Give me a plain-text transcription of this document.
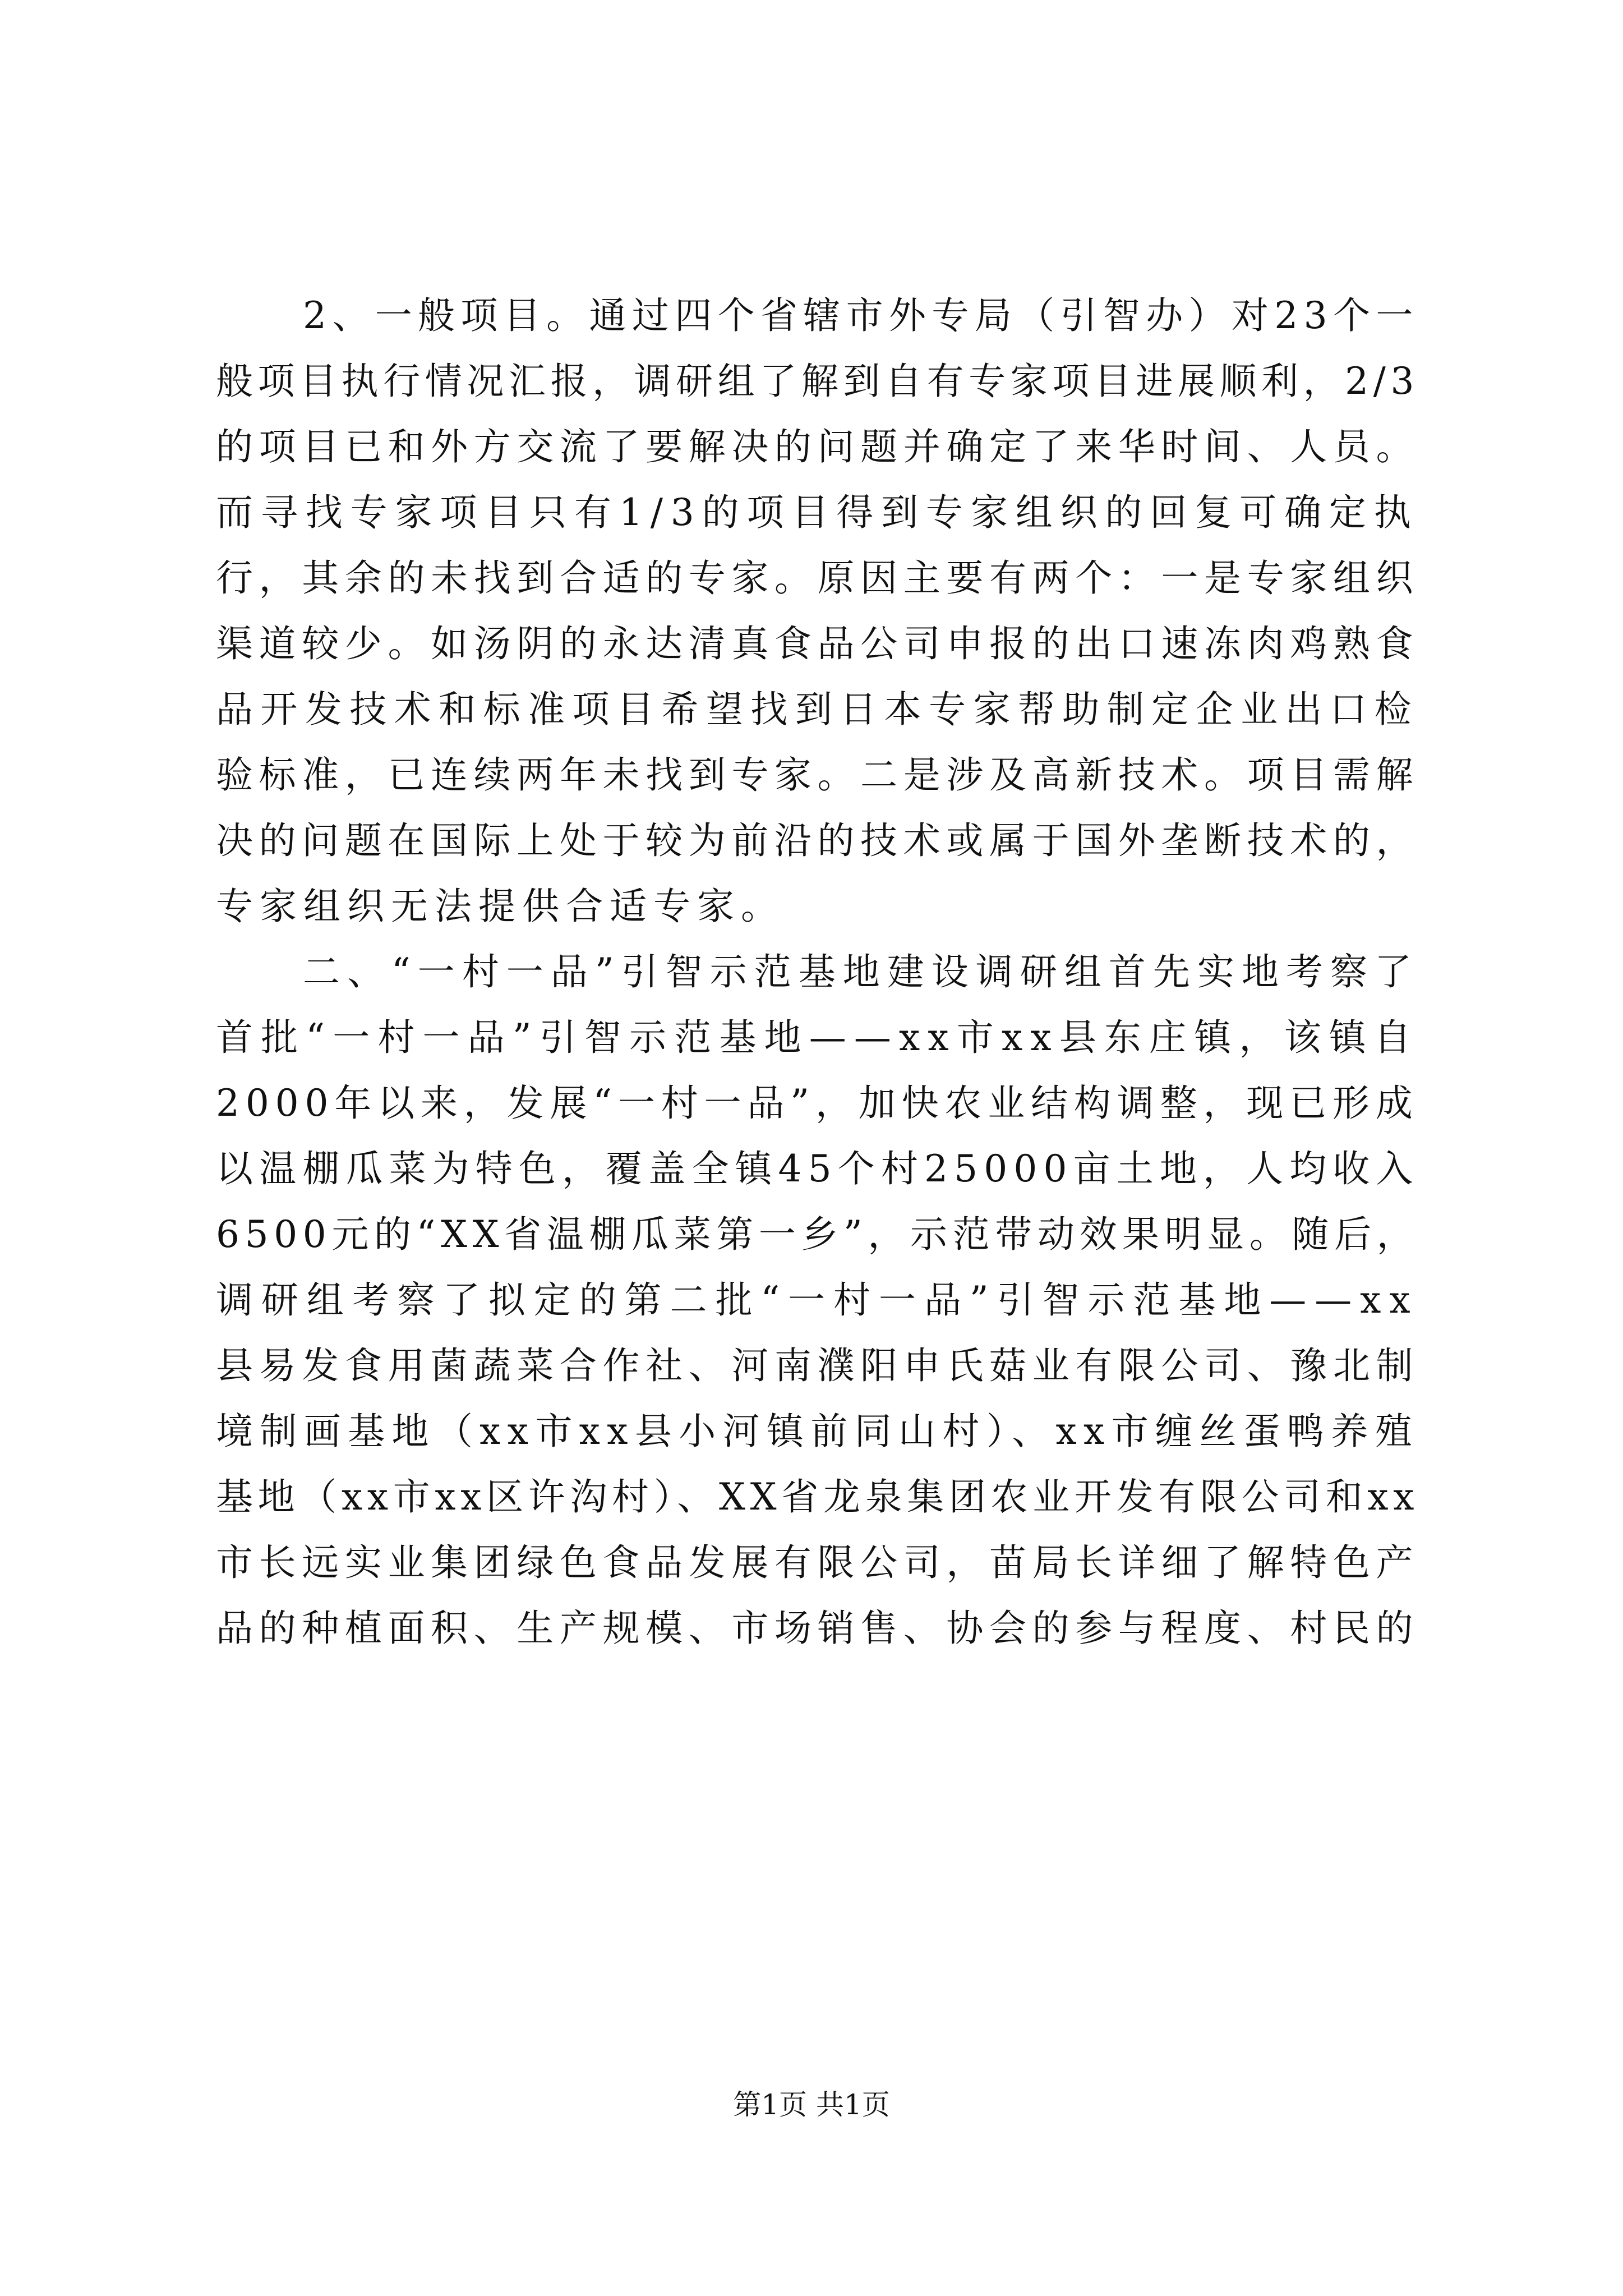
2、一般项目。通过四个省辖市外专局（引智办）对23个一
般项目执行情况汇报，调研组了解到自有专家项目进展顺利，2/3
的项目已和外方交流了要解决的问题并确定了来华时间、人员。
而寻找专家项目只有1/3的项目得到专家组织的回复可确定执
行，其余的未找到合适的专家。原因主要有两个：一是专家组织
渠道较少。如汤阴的永达清真食品公司申报的出口速冻肉鸡熟食
品开发技术和标准项目希望找到日本专家帮助制定企业出口检
验标准，已连续两年未找到专家。二是涉及高新技术。项目需解
决的问题在国际上处于较为前沿的技术或属于国外垄断技术的，
专家组织无法提供合适专家。
二、“一村一品”引智示范基地建设调研组首先实地考察了
首批“一村一品”引智示范基地——xx市xx县东庄镇，该镇自
2000年以来，发展“一村一品”，加快农业结构调整，现已形成
以温棚瓜菜为特色，覆盖全镇45个村25000亩土地，人均收入
6500元的“XX省温棚瓜菜第一乡”，示范带动效果明显。随后，
调研组考察了拟定的第二批“一村一品”引智示范基地——xx
县易发食用菌蔬菜合作社、河南濮阳申氏菇业有限公司、豫北制
境制画基地（xx市xx县小河镇前同山村）、xx市缠丝蛋鸭养殖
基地（xx市xx区许沟村）、XX省龙泉集团农业开发有限公司和xx
市长远实业集团绿色食品发展有限公司，苗局长详细了解特色产
品的种植面积、生产规模、市场销售、协会的参与程度、村民的
第1页 共1页
